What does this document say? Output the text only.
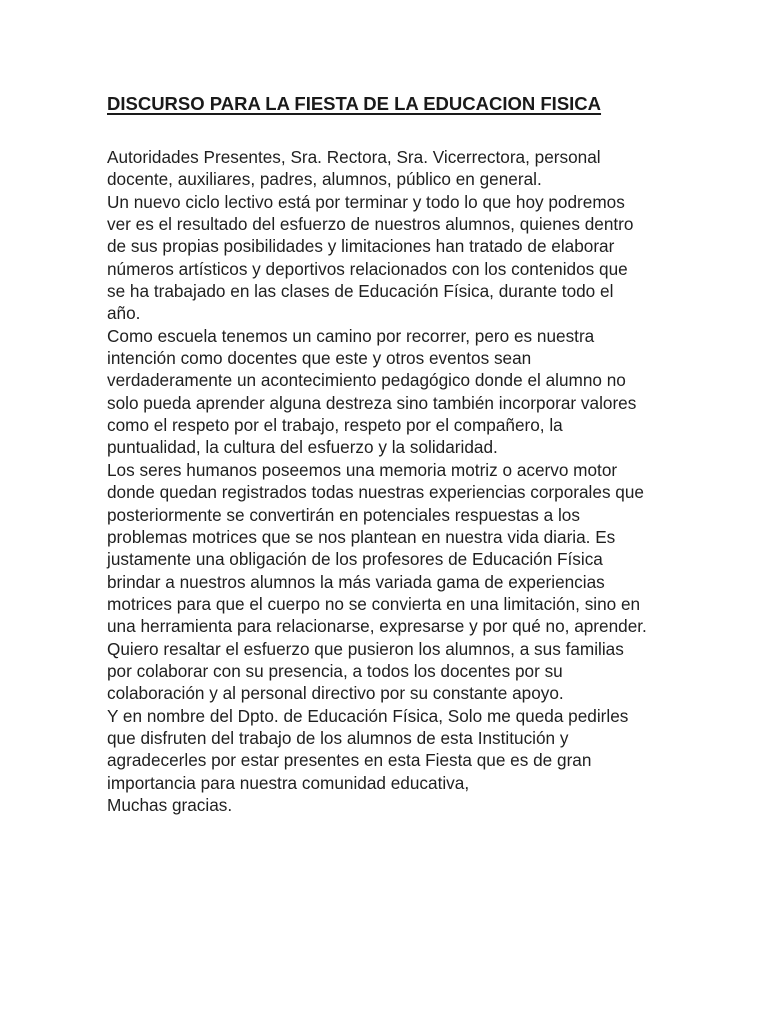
DISCURSO PARA LA FIESTA DE LA EDUCACION FISICA
Autoridades Presentes, Sra. Rectora, Sra. Vicerrectora, personal
docente, auxiliares, padres, alumnos, público en general.
Un nuevo ciclo lectivo está por terminar y todo lo que hoy podremos
ver es el resultado del esfuerzo de nuestros alumnos, quienes dentro
de sus propias posibilidades y limitaciones han tratado de elaborar
números artísticos y deportivos relacionados con los contenidos que
se ha trabajado en las clases de Educación Física, durante todo el
año.
Como escuela tenemos un camino por recorrer, pero es nuestra
intención como docentes que este y otros eventos sean
verdaderamente un acontecimiento pedagógico donde el alumno no
solo pueda aprender alguna destreza sino también incorporar valores
como el respeto por el trabajo, respeto por el compañero, la
puntualidad, la cultura del esfuerzo y la solidaridad.
Los seres humanos poseemos una memoria motriz o acervo motor
donde quedan registrados todas nuestras experiencias corporales que
posteriormente se convertirán en potenciales respuestas a los
problemas motrices que se nos plantean en nuestra vida diaria. Es
justamente una obligación de los profesores de Educación Física
brindar a nuestros alumnos la más variada gama de experiencias
motrices para que el cuerpo no se convierta en una limitación, sino en
una herramienta para relacionarse, expresarse y por qué no, aprender.
Quiero resaltar el esfuerzo que pusieron los alumnos, a sus familias
por colaborar con su presencia, a todos los docentes por su
colaboración y al personal directivo por su constante apoyo.
Y en nombre del Dpto. de Educación Física, Solo me queda pedirles
que disfruten del trabajo de los alumnos de esta Institución y
agradecerles por estar presentes en esta Fiesta que es de gran
importancia para nuestra comunidad educativa,
Muchas gracias.
